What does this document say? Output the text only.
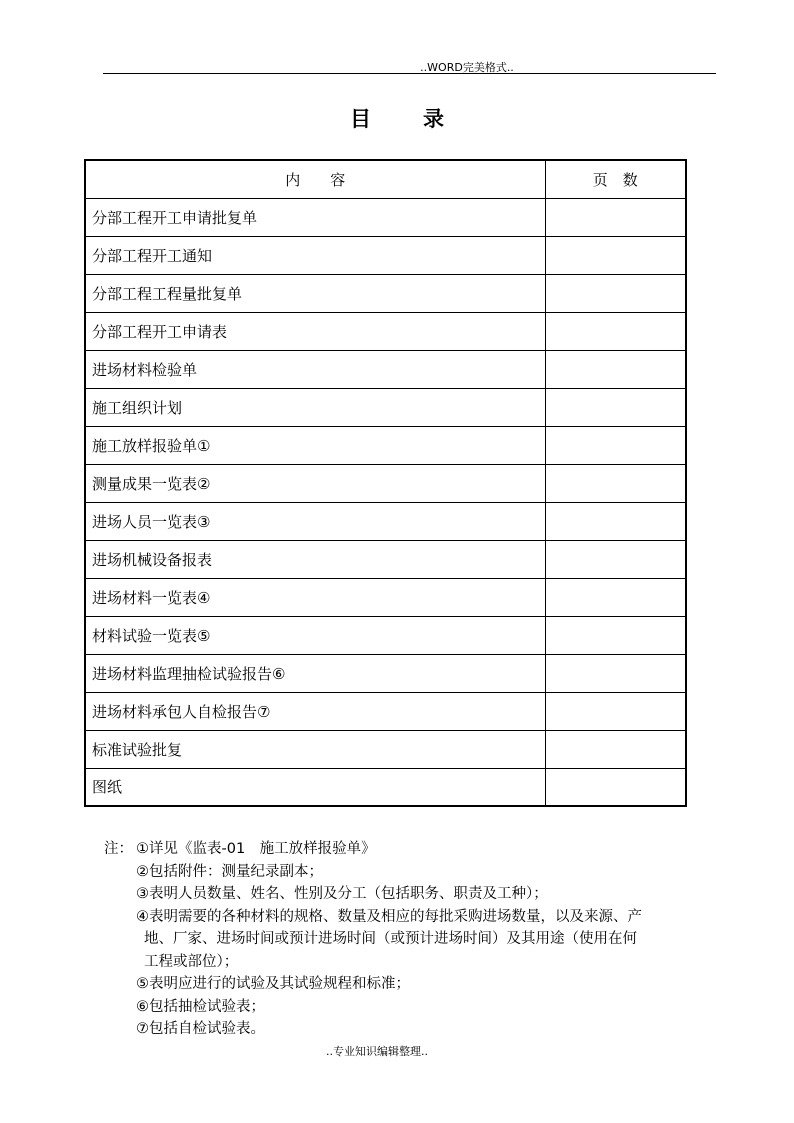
..WORD完美格式..
目 录
内　　容	页　数
分部工程开工申请批复单	
分部工程开工通知	
分部工程工程量批复单	
分部工程开工申请表	
进场材料检验单	
施工组织计划	
施工放样报验单①	
测量成果一览表②	
进场人员一览表③	
进场机械设备报表	
进场材料一览表④	
材料试验一览表⑤	
进场材料监理抽检试验报告⑥	
进场材料承包人自检报告⑦	
标准试验批复	
图纸	
注： ①详见《监表-01　施工放样报验单》
②包括附件：测量纪录副本；
③表明人员数量、姓名、性别及分工（包括职务、职责及工种）；
④表明需要的各种材料的规格、数量及相应的每批采购进场数量，以及来源、产
地、厂家、进场时间或预计进场时间（或预计进场时间）及其用途（使用在何
工程或部位）；
⑤表明应进行的试验及其试验规程和标准；
⑥包括抽检试验表；
⑦包括自检试验表。
..专业知识编辑整理..
